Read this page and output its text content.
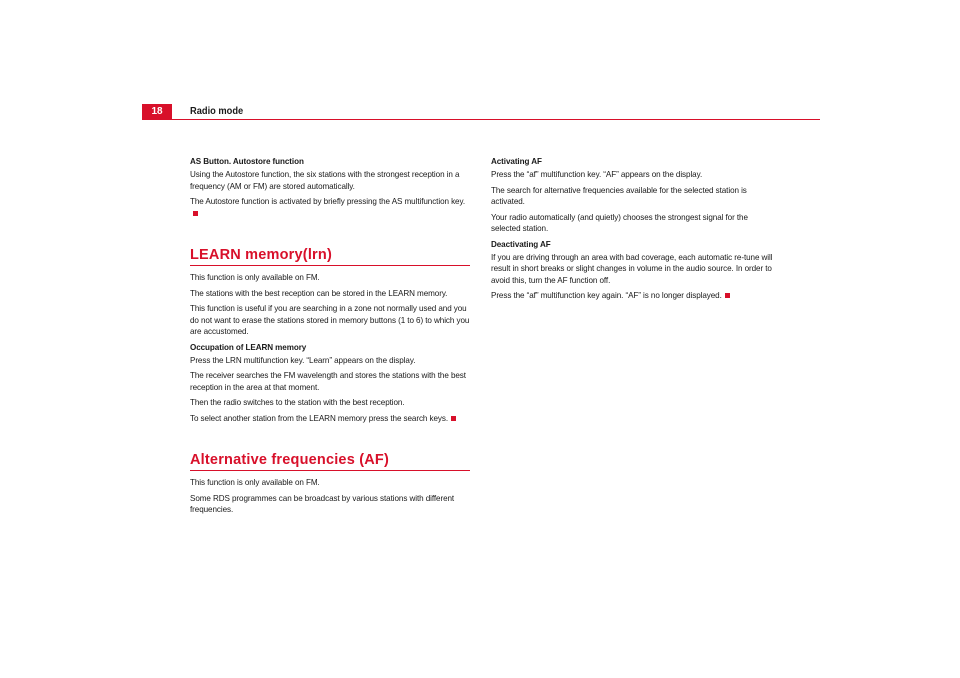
18	Radio mode

AS Button. Autostore function

Using the Autostore function, the six stations with the strongest reception in a frequency (AM or FM) are stored automatically.

The Autostore function is activated by briefly pressing the AS multifunction key.

LEARN memory(lrn)

This function is only available on FM.

The stations with the best reception can be stored in the LEARN memory.

This function is useful if you are searching in a zone not normally used and you do not want to erase the stations stored in memory buttons (1 to 6) to which you are accustomed.

Occupation of LEARN memory

Press the LRN multifunction key. “Learn” appears on the display.

The receiver searches the FM wavelength and stores the stations with the best reception in the area at that moment.

Then the radio switches to the station with the best reception.

To select another station from the LEARN memory press the search keys.

Alternative frequencies (AF)

This function is only available on FM.

Some RDS programmes can be broadcast by various stations with different frequencies.

Activating AF

Press the “af” multifunction key. “AF” appears on the display.

The search for alternative frequencies available for the selected station is activated.

Your radio automatically (and quietly) chooses the strongest signal for the selected station.

Deactivating AF

If you are driving through an area with bad coverage, each automatic re-tune will result in short breaks or slight changes in volume in the audio source. In order to avoid this, turn the AF function off.

Press the “af” multifunction key again. “AF” is no longer displayed.
